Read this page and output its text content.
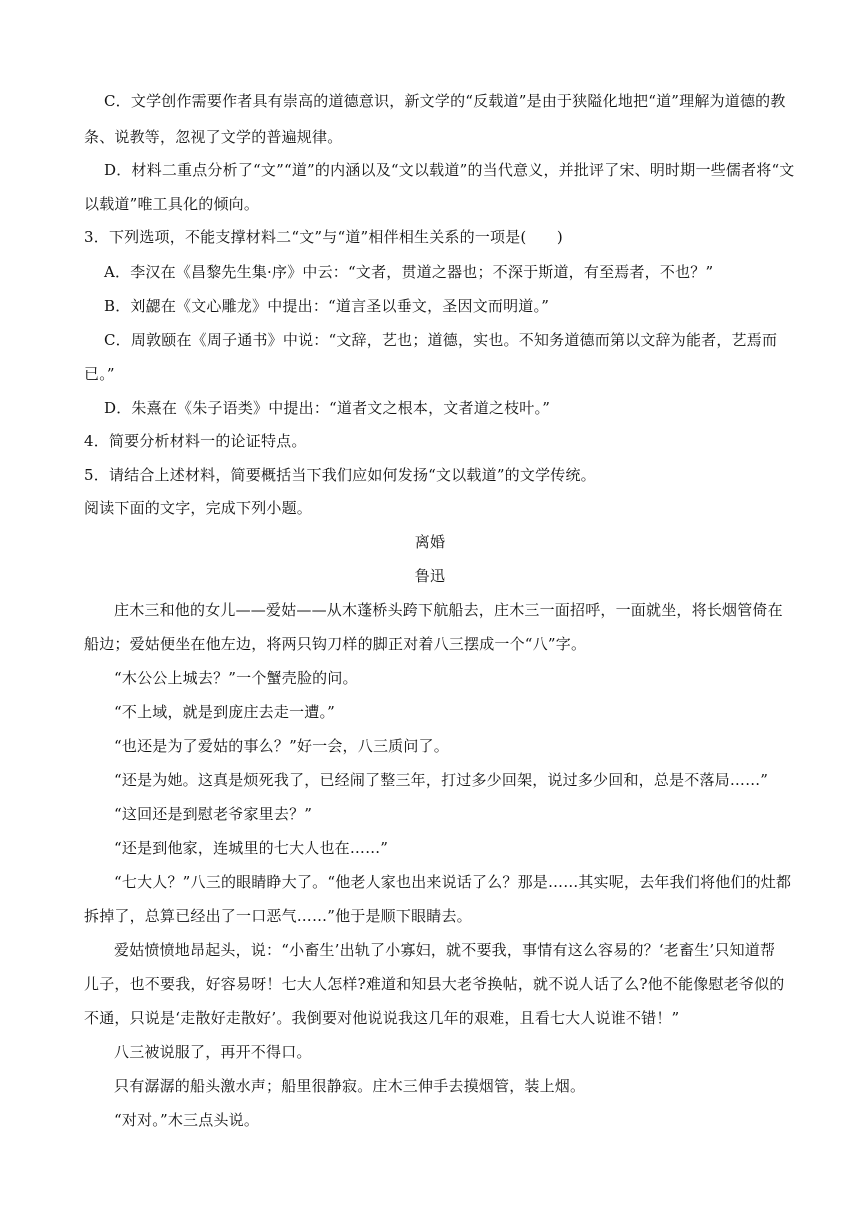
C．文学创作需要作者具有崇高的道德意识，新文学的“反载道”是由于狭隘化地把“道”理解为道德的教
条、说教等，忽视了文学的普遍规律。
D．材料二重点分析了“文”“道”的内涵以及“文以载道”的当代意义，并批评了宋、明时期一些儒者将“文
以载道”唯工具化的倾向。
3．下列选项，不能支撑材料二“文”与“道”相伴相生关系的一项是(　　)
A．李汉在《昌黎先生集·序》中云：“文者，贯道之器也；不深于斯道，有至焉者，不也？”
B．刘勰在《文心雕龙》中提出：“道言圣以垂文，圣因文而明道。”
C．周敦颐在《周子通书》中说：“文辞，艺也；道德，实也。不知务道德而第以文辞为能者，艺焉而
已。”
D．朱熹在《朱子语类》中提出：“道者文之根本，文者道之枝叶。”
4．简要分析材料一的论证特点。
5．请结合上述材料，简要概括当下我们应如何发扬“文以载道”的文学传统。
阅读下面的文字，完成下列小题。
离婚
鲁迅
庄木三和他的女儿——爱姑——从木蓬桥头跨下航船去，庄木三一面招呼，一面就坐，将长烟管倚在
船边；爱姑便坐在他左边，将两只钩刀样的脚正对着八三摆成一个“八”字。
“木公公上城去？”一个蟹壳脸的问。
“不上域，就是到庞庄去走一遭。”
“也还是为了爱姑的事么？”好一会，八三质问了。
“还是为她。这真是烦死我了，已经闹了整三年，打过多少回架，说过多少回和，总是不落局……”
“这回还是到慰老爷家里去？”
“还是到他家，连城里的七大人也在……”
“七大人？”八三的眼睛睁大了。“他老人家也出来说话了么？那是……其实呢，去年我们将他们的灶都
拆掉了，总算已经出了一口恶气……”他于是顺下眼睛去。
爱姑愤愤地昂起头，说：“小畜生’出轨了小寡妇，就不要我，事情有这么容易的？‘老畜生’只知道帮
儿子，也不要我，好容易呀！七大人怎样?难道和知县大老爷换帖，就不说人话了么?他不能像慰老爷似的
不通，只说是‘走散好走散好’。我倒要对他说说我这几年的艰难，且看七大人说谁不错！”
八三被说服了，再开不得口。
只有潺潺的船头激水声；船里很静寂。庄木三伸手去摸烟管，装上烟。
“对对。”木三点头说。
